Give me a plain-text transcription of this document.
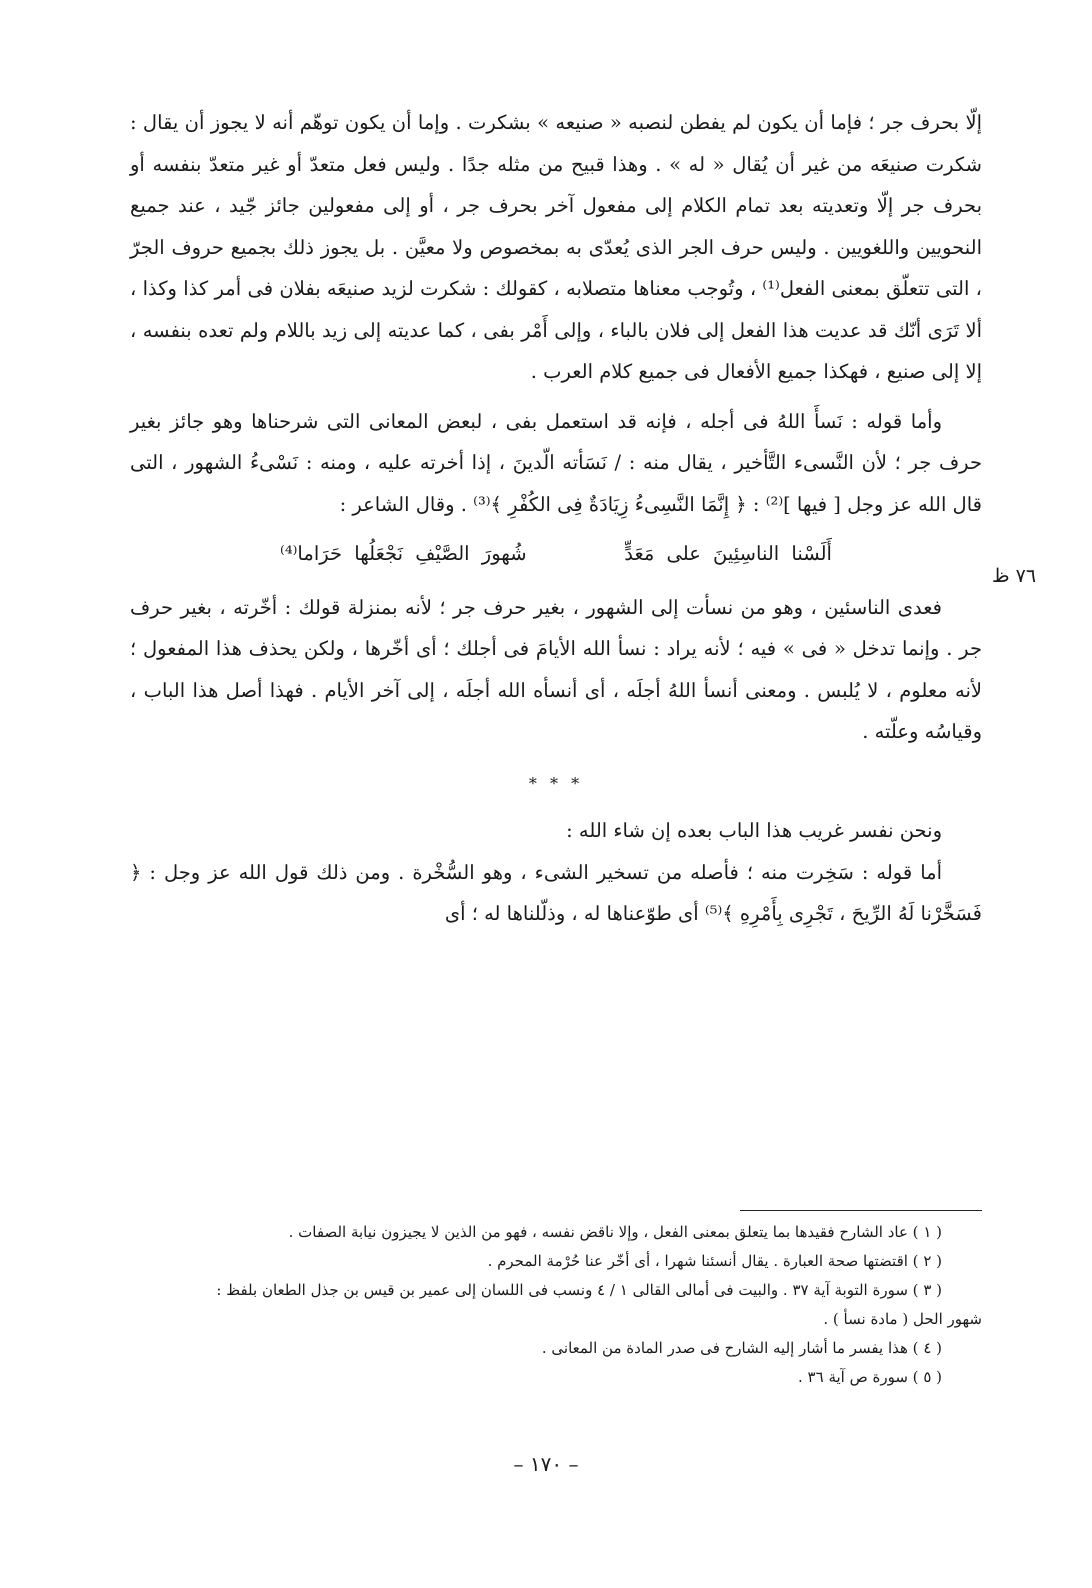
٧٦ ظ

إلّا بحرف جر ؛ فإما أن يكون لم يفطن لنصبه « صنيعه » بشكرت . وإما أن يكون توهّم أنه لا يجوز أن يقال : شكرت صنيعَه من غير أن يُقال « له » . وهذا قبيح من مثله جدًا . وليس فعل متعدّ أو غير متعدّ بنفسه أو بحرف جر إلّا وتعديته بعد تمام الكلام إلى مفعول آخر بحرف جر ، أو إلى مفعولين جائز جّيد ، عند جميع النحويين واللغويين . وليس حرف الجر الذى يُعدّى به بمخصوص ولا معيَّن . بل يجوز ذلك بجميع حروف الجرّ ، التى تتعلّق بمعنى الفعل⁽¹⁾ ، وتُوجب معناها متصلابه ، كقولك : شكرت لزيد صنيعَه بفلان فى أمر كذا وكذا ، ألا تَرَى أنّك قد عديت هذا الفعل إلى فلان بالباء ، وإلى أَمْر بفى ، كما عديته إلى زيد باللام ولم تعده بنفسه ، إلا إلى صنيع ، فهكذا جميع الأفعال فى جميع كلام العرب .

وأما قوله : نَسأَ اللهُ فى أجله ، فإنه قد استعمل بفى ، لبعض المعانى التى شرحناها وهو جائز بغير حرف جر ؛ لأن النَّسىء التَّأخير ، يقال منه : / نَسَأته الّدينَ ، إذا أخرته عليه ، ومنه : نَسْىءُ الشهور ، التى قال الله عز وجل [ فيها ]⁽²⁾ : ﴿ إِنَّمَا النَّسِىءُ زِيَادَةٌ فِى الكُفْرِ ﴾⁽³⁾ . وقال الشاعر :

أَلَسْنا الناسِئِينَ على مَعَدٍّ        شُهورَ الصَّيْفِ نَجْعَلُها حَرَاما⁽⁴⁾

فعدى الناسئين ، وهو من نسأت إلى الشهور ، بغير حرف جر ؛ لأنه بمنزلة قولك : أخّرته ، بغير حرف جر . وإنما تدخل « فى » فيه ؛ لأنه يراد : نسأ الله الأيامَ فى أجلك ؛ أى أخّرها ، ولكن يحذف هذا المفعول ؛ لأنه معلوم ، لا يُلبس . ومعنى أنسأ اللهُ أجلَه ، أى أنسأه الله أجلَه ، إلى آخر الأيام . فهذا أصل هذا الباب ، وقياسُه وعلّته .

* * *

ونحن نفسر غريب هذا الباب بعده إن شاء الله :

أما قوله : سَخِرت منه ؛ فأصله من تسخير الشىء ، وهو السُّخْرة . ومن ذلك قول الله عز وجل : ﴿ فَسَخَّرْنا لَهُ الرِّيحَ ، تَجْرِى بِأَمْرِهِ ﴾⁽⁵⁾ أى طوّعناها له ، وذلّلناها له ؛ أى

( ١ ) عاد الشارح فقيدها بما يتعلق بمعنى الفعل ، وإلا ناقض نفسه ، فهو من الذين لا يجيزون نيابة الصفات .

( ٢ ) اقتضتها صحة العبارة . يقال أنسئنا شهرا ، أى أخّر عنا حُرْمة المحرم .

( ٣ ) سورة التوبة آية ٣٧ . والبيت فى أمالى القالى ١ / ٤ ونسب فى اللسان إلى عمير بن قيس بن جذل الطعان بلفظ :

شهور الحل ( مادة نسأ ) .

( ٤ ) هذا يفسر ما أشار إليه الشارح فى صدر المادة من المعانى .

( ٥ ) سورة ص آية ٣٦ .

– ١٧٠ –
